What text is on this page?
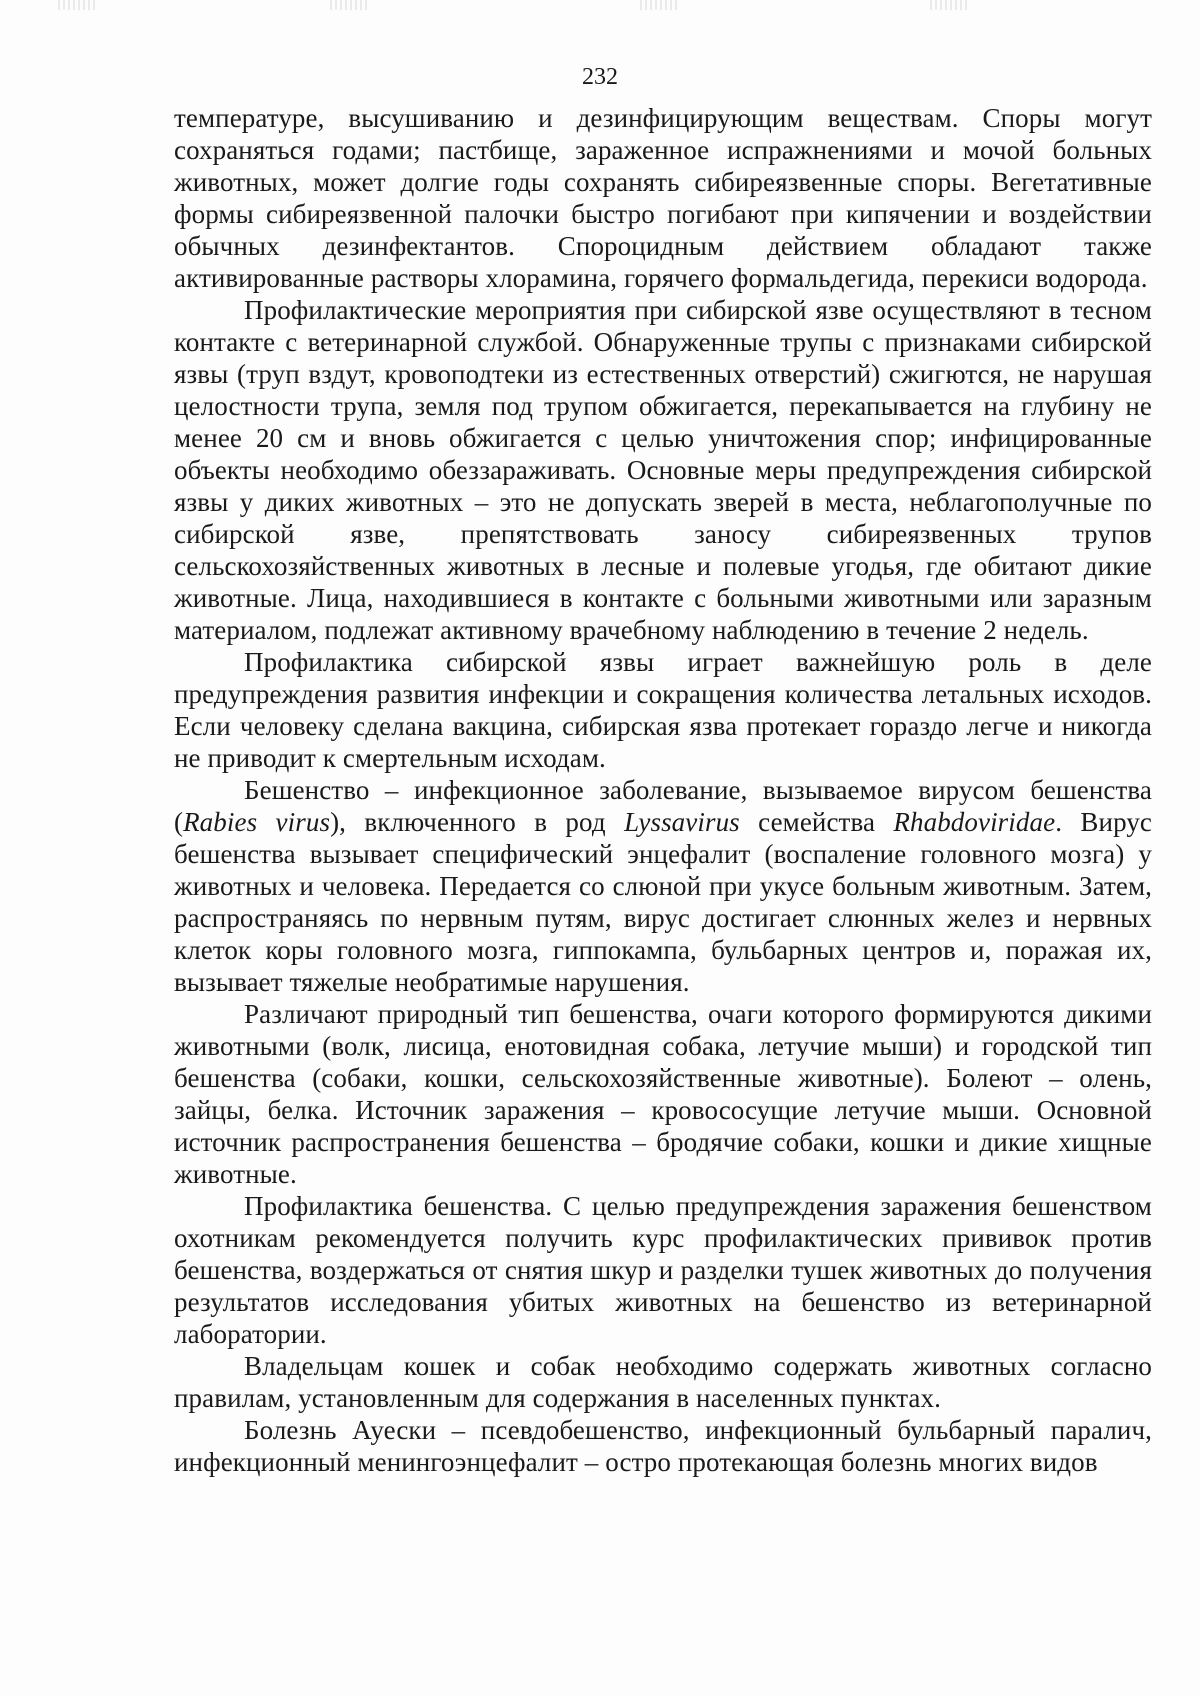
232

температуре, высушиванию и дезинфицирующим веществам. Споры могут сохраняться годами; пастбище, зараженное испражнениями и мочой больных животных, может долгие годы сохранять сибиреязвенные споры. Вегетативные формы сибиреязвенной палочки быстро погибают при кипячении и воздействии обычных дезинфектантов. Спороцидным действием обладают также активированные растворы хлорамина, горячего формальдегида, перекиси водорода.

Профилактические мероприятия при сибирской язве осуществляют в тесном контакте с ветеринарной службой. Обнаруженные трупы с признаками сибирской язвы (труп вздут, кровоподтеки из естественных отверстий) сжигются, не нарушая целостности трупа, земля под трупом обжигается, перекапывается на глубину не менее 20 см и вновь обжигается с целью уничтожения спор; инфицированные объекты необходимо обеззараживать. Основные меры предупреждения сибирской язвы у диких животных – это не допускать зверей в места, неблагополучные по сибирской язве, препятствовать заносу сибиреязвенных трупов сельскохозяйственных животных в лесные и полевые угодья, где обитают дикие животные. Лица, находившиеся в контакте с больными животными или заразным материалом, подлежат активному врачебному наблюдению в течение 2 недель.

Профилактика сибирской язвы играет важнейшую роль в деле предупреждения развития инфекции и сокращения количества летальных исходов. Если человеку сделана вакцина, сибирская язва протекает гораздо легче и никогда не приводит к смертельным исходам.

Бешенство – инфекционное заболевание, вызываемое вирусом бешенства (Rabies virus), включенного в род Lyssavirus семейства Rhabdoviridae. Вирус бешенства вызывает специфический энцефалит (воспаление головного мозга) у животных и человека. Передается со слюной при укусе больным животным. Затем, распространяясь по нервным путям, вирус достигает слюнных желез и нервных клеток коры головного мозга, гиппокампа, бульбарных центров и, поражая их, вызывает тяжелые необратимые нарушения.

Различают природный тип бешенства, очаги которого формируются дикими животными (волк, лисица, енотовидная собака, летучие мыши) и городской тип бешенства (собаки, кошки, сельскохозяйственные животные). Болеют – олень, зайцы, белка. Источник заражения – кровососущие летучие мыши. Основной источник распространения бешенства – бродячие собаки, кошки и дикие хищные животные.

Профилактика бешенства. С целью предупреждения заражения бешенством охотникам рекомендуется получить курс профилактических прививок против бешенства, воздержаться от снятия шкур и разделки тушек животных до получения результатов исследования убитых животных на бешенство из ветеринарной лаборатории.

Владельцам кошек и собак необходимо содержать животных согласно правилам, установленным для содержания в населенных пунктах.

Болезнь Ауески – псевдобешенство, инфекционный бульбарный паралич, инфекционный менингоэнцефалит – остро протекающая болезнь многих видов
